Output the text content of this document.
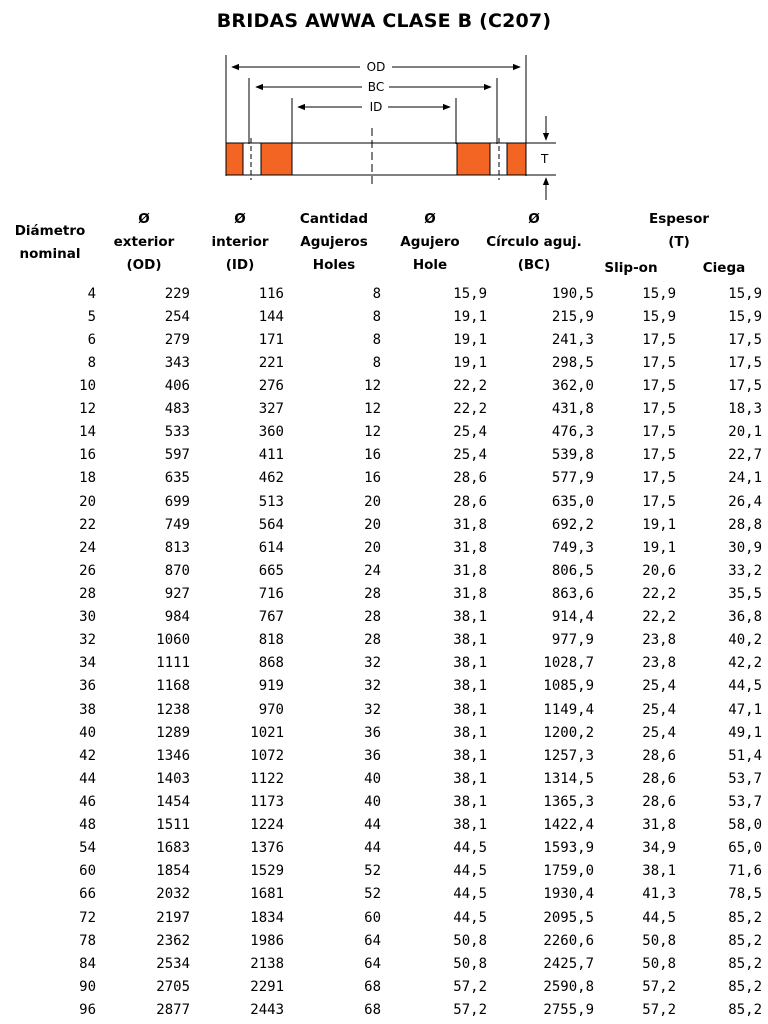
BRIDAS AWWA CLASE B (C207)
OD
BC
ID
T
Diámetro
nominal
Ø
exterior
(OD)
Ø
interior
(ID)
Cantidad
Agujeros
Holes
Ø
Agujero
Hole
Ø
Círculo aguj.
(BC)
Espesor
(T)
Slip-on	Ciega
4	229	116	8	15,9	190,5	15,9	15,9
5	254	144	8	19,1	215,9	15,9	15,9
6	279	171	8	19,1	241,3	17,5	17,5
8	343	221	8	19,1	298,5	17,5	17,5
10	406	276	12	22,2	362,0	17,5	17,5
12	483	327	12	22,2	431,8	17,5	18,3
14	533	360	12	25,4	476,3	17,5	20,1
16	597	411	16	25,4	539,8	17,5	22,7
18	635	462	16	28,6	577,9	17,5	24,1
20	699	513	20	28,6	635,0	17,5	26,4
22	749	564	20	31,8	692,2	19,1	28,8
24	813	614	20	31,8	749,3	19,1	30,9
26	870	665	24	31,8	806,5	20,6	33,2
28	927	716	28	31,8	863,6	22,2	35,5
30	984	767	28	38,1	914,4	22,2	36,8
32	1060	818	28	38,1	977,9	23,8	40,2
34	1111	868	32	38,1	1028,7	23,8	42,2
36	1168	919	32	38,1	1085,9	25,4	44,5
38	1238	970	32	38,1	1149,4	25,4	47,1
40	1289	1021	36	38,1	1200,2	25,4	49,1
42	1346	1072	36	38,1	1257,3	28,6	51,4
44	1403	1122	40	38,1	1314,5	28,6	53,7
46	1454	1173	40	38,1	1365,3	28,6	53,7
48	1511	1224	44	38,1	1422,4	31,8	58,0
54	1683	1376	44	44,5	1593,9	34,9	65,0
60	1854	1529	52	44,5	1759,0	38,1	71,6
66	2032	1681	52	44,5	1930,4	41,3	78,5
72	2197	1834	60	44,5	2095,5	44,5	85,2
78	2362	1986	64	50,8	2260,6	50,8	85,2
84	2534	2138	64	50,8	2425,7	50,8	85,2
90	2705	2291	68	57,2	2590,8	57,2	85,2
96	2877	2443	68	57,2	2755,9	57,2	85,2
